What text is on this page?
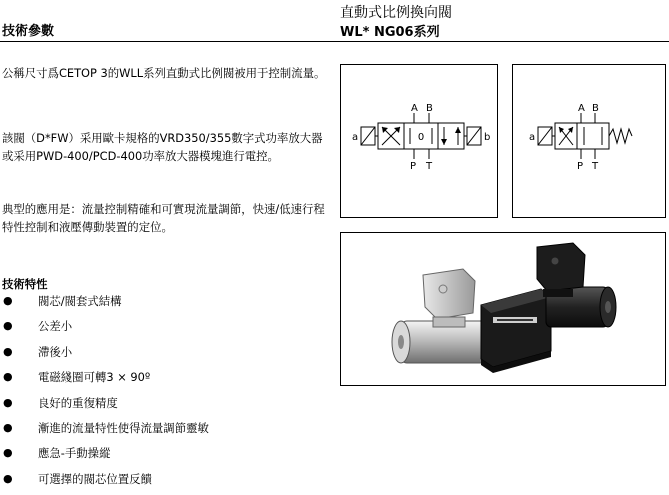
技術參數
直動式比例換向閥
WL* NG06系列
公稱尺寸爲CETOP 3的WLL系列直動式比例閥被用于控制流量。
該閥（D*FW）采用歐卡規格的VRD350/355數字式功率放大器或采用PWD-400/PCD-400功率放大器模塊進行電控。
典型的應用是：流量控制精確和可實現流量調節，快速/低速行程特性控制和液壓傳動裝置的定位。
技術特性
● 閥芯/閥套式結構
● 公差小
● 滯後小
● 電磁綫圈可轉3 × 90º
● 良好的重復精度
● 漸進的流量特性使得流量調節靈敏
● 應急-手動操縱
● 可選擇的閥芯位置反饋
0
A B
P T
a	b
A B
P T
a
